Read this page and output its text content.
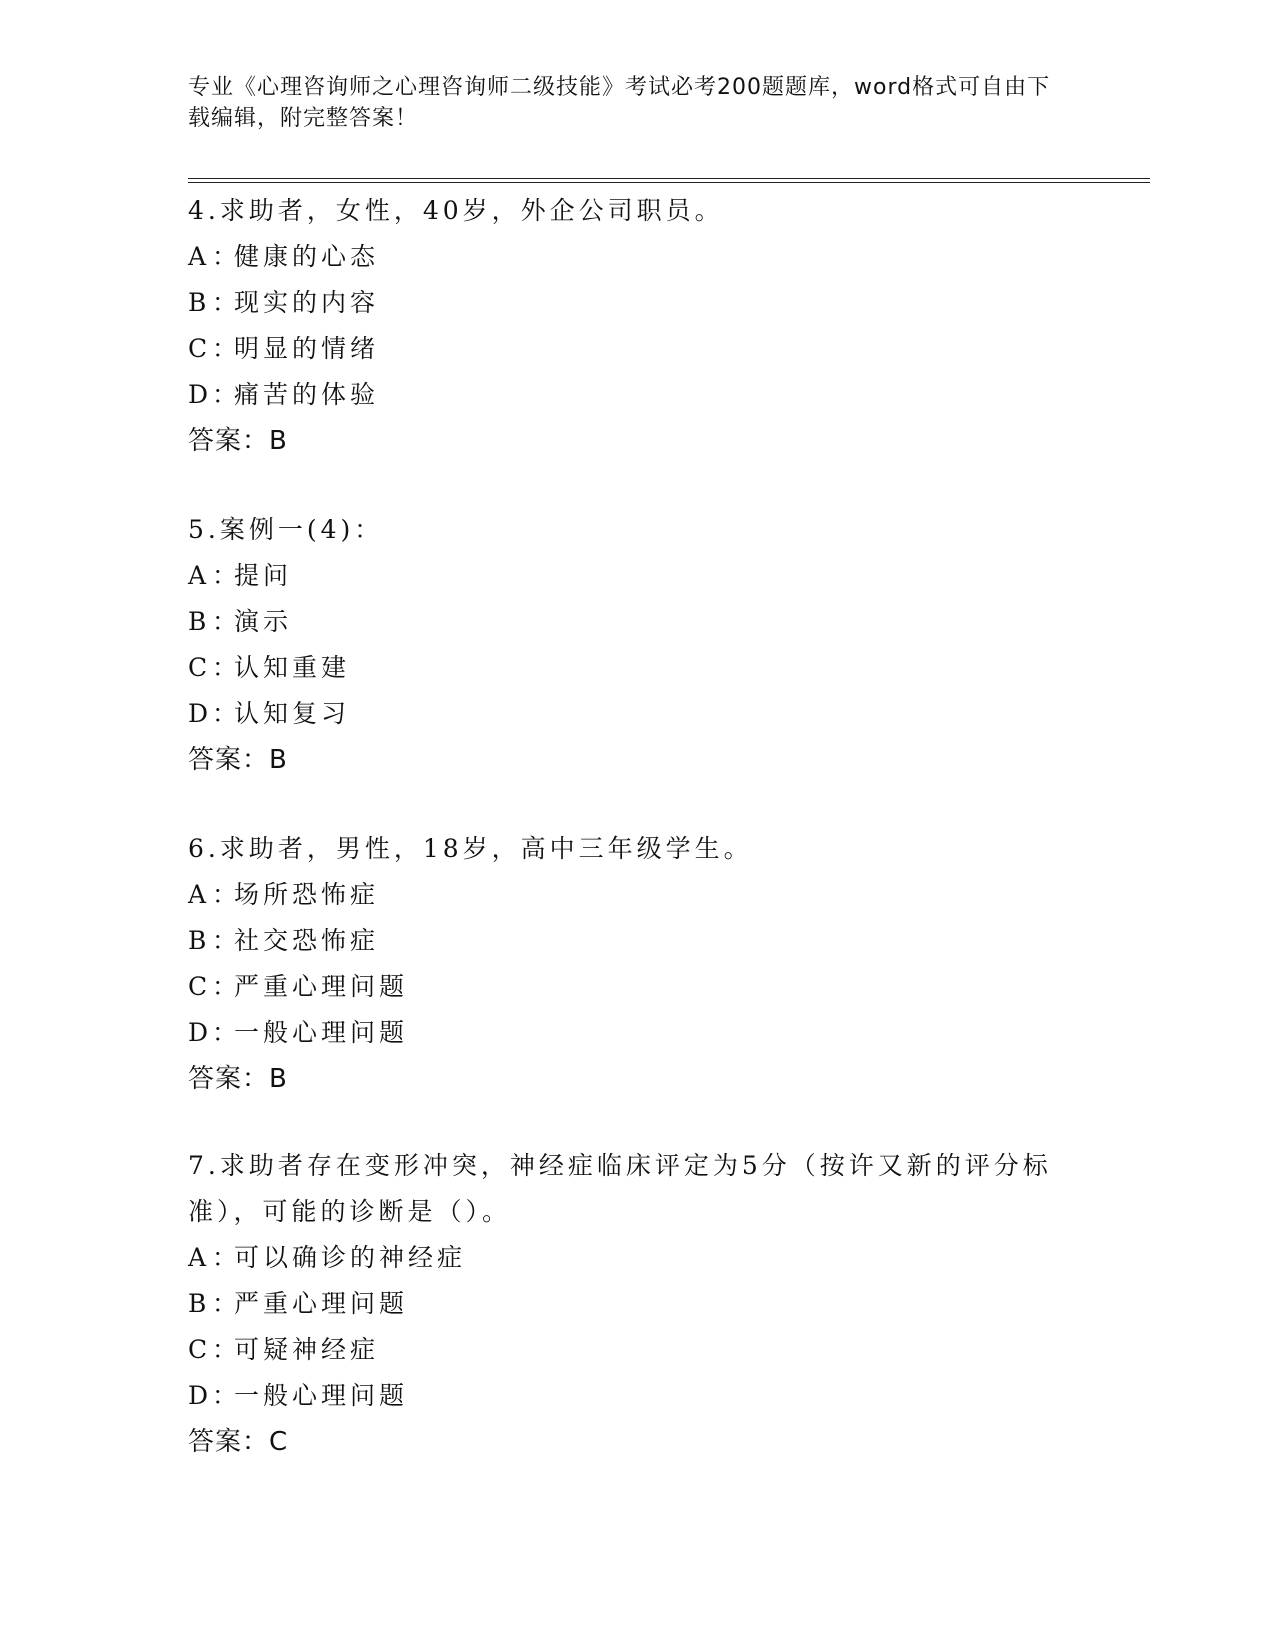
专业《心理咨询师之心理咨询师二级技能》考试必考200题题库，word格式可自由下载编辑，附完整答案！

4.求助者，女性，40岁，外企公司职员。

A ：健康的心态

B ：现实的内容

C ：明显的情绪

D ：痛苦的体验

答案：B

5.案例一(4)：

A ：提问

B ：演示

C ：认知重建

D ：认知复习

答案：B

6.求助者，男性，18岁，高中三年级学生。

A ：场所恐怖症

B ：社交恐怖症

C ：严重心理问题

D ：一般心理问题

答案：B

7.求助者存在变形冲突，神经症临床评定为5分（按许又新的评分标准），可能的诊断是（）。

A ：可以确诊的神经症

B ：严重心理问题

C ：可疑神经症

D ：一般心理问题

答案：C
